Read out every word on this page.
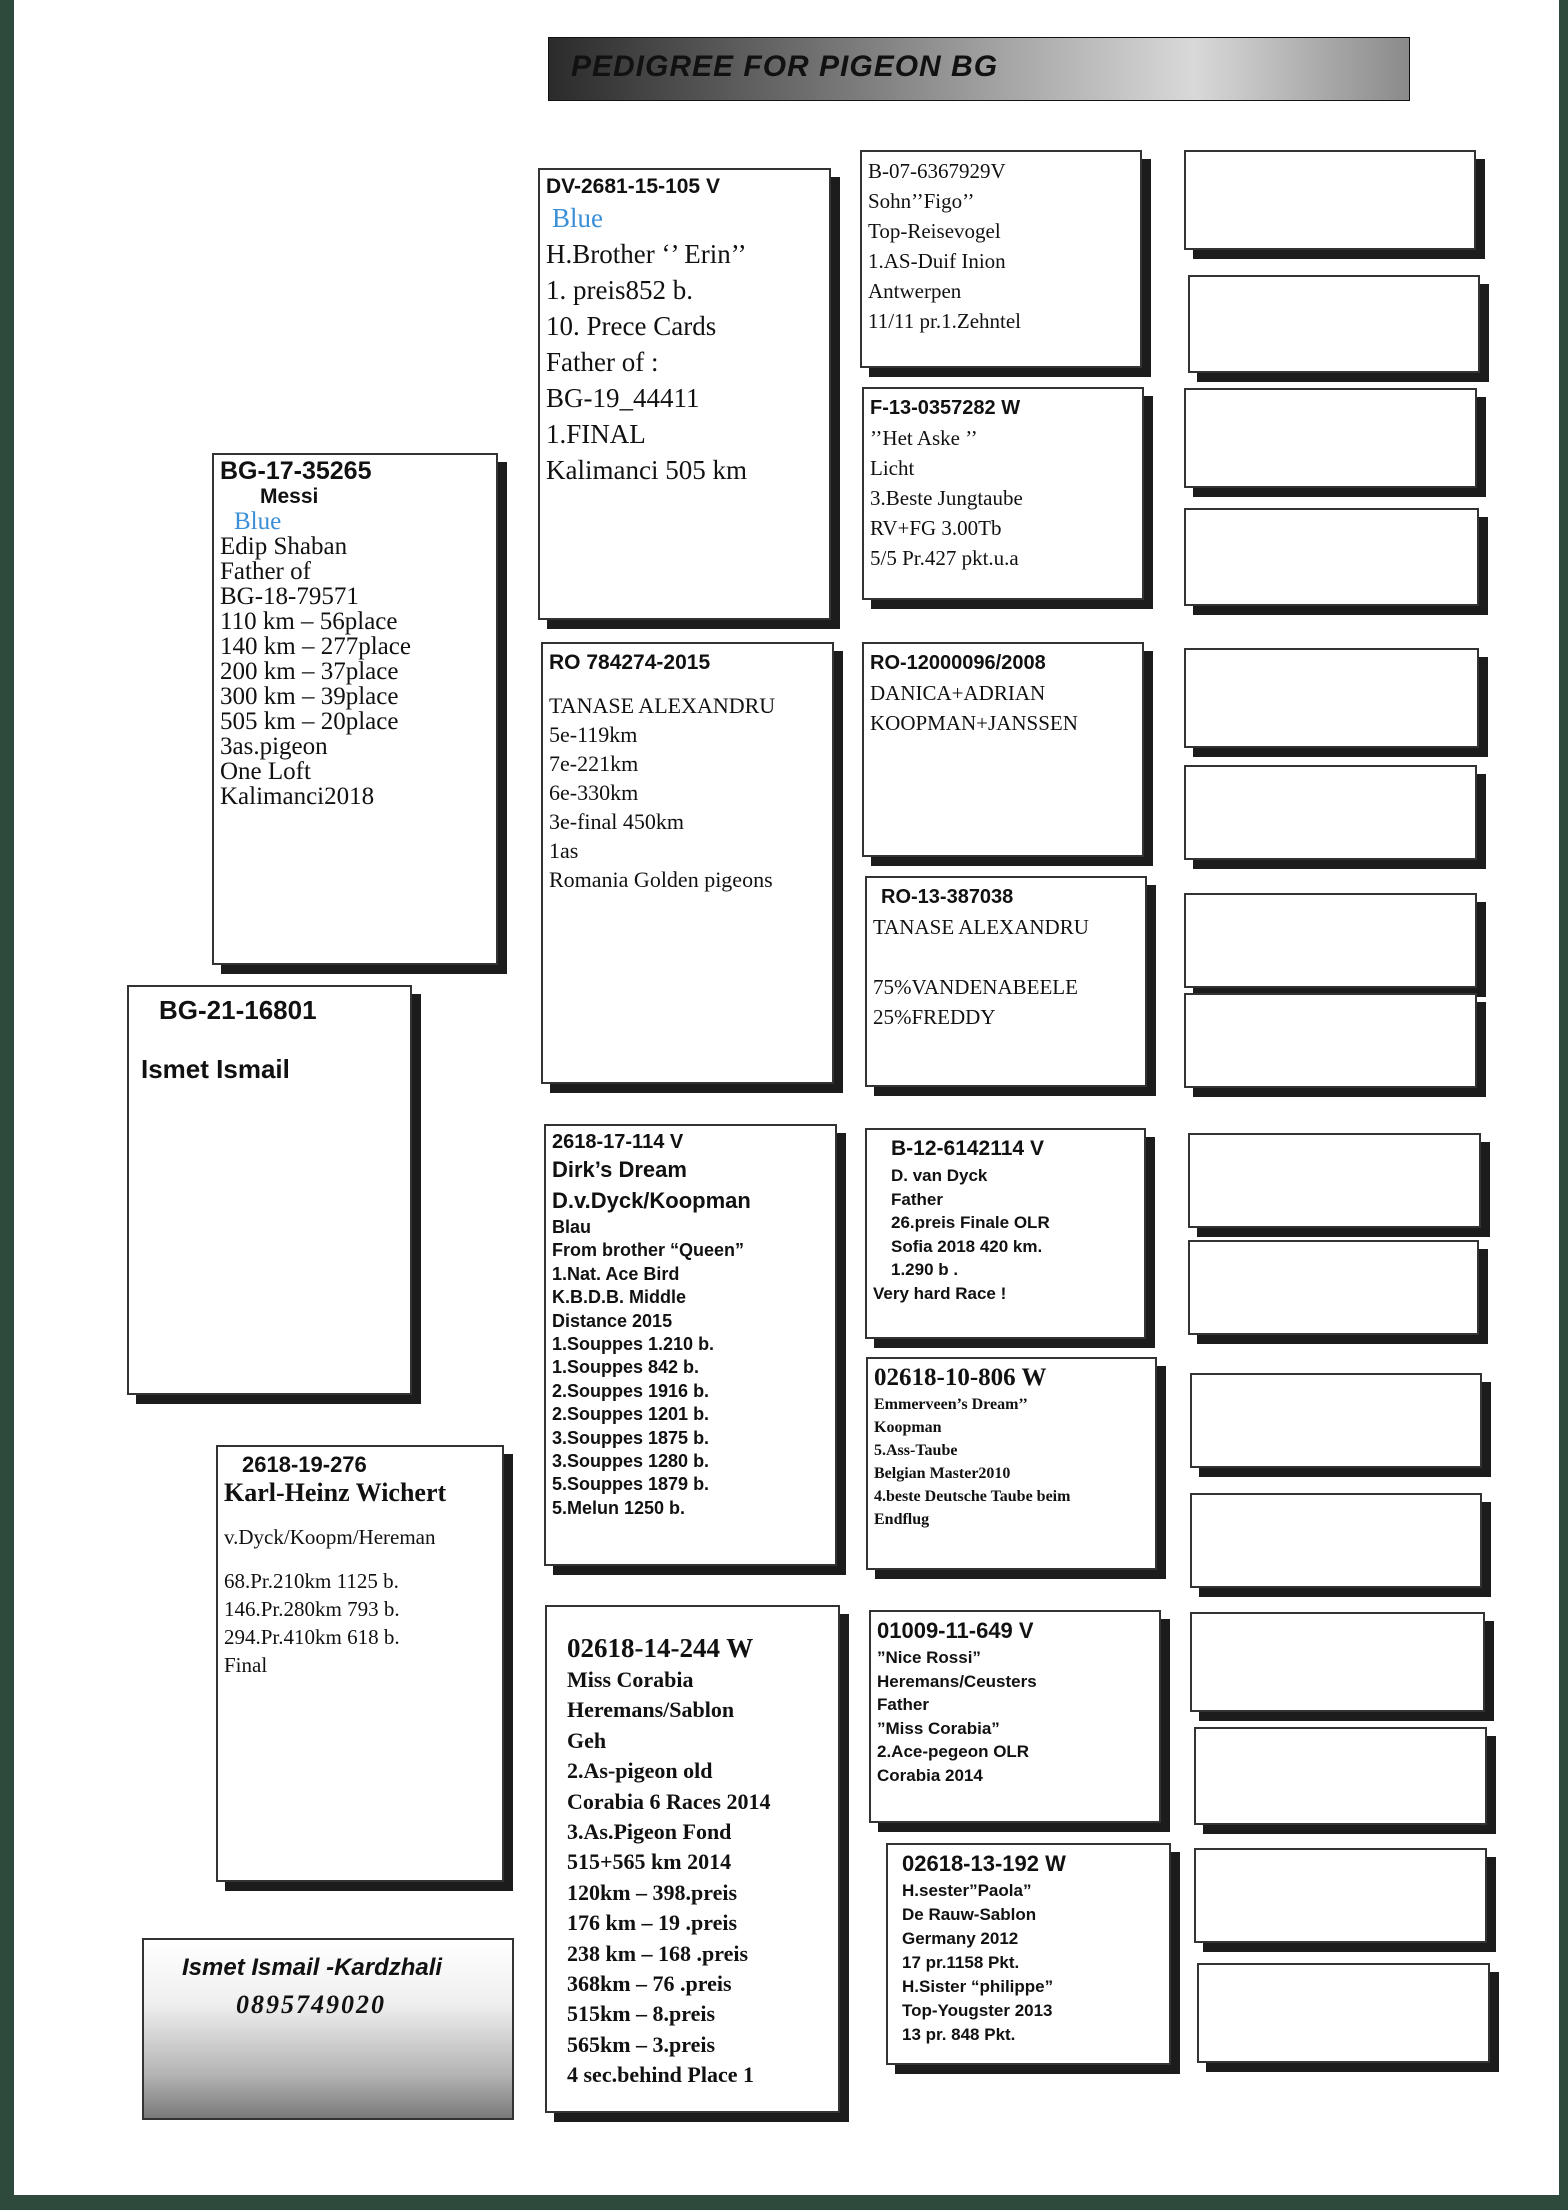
PEDIGREE FOR PIGEON BG
BG-21-16801
Ismet Ismail
BG-17-35265
Messi
Blue
Edip Shaban
Father of
BG-18-79571
110 km – 56place
140 km – 277place
200 km – 37place
300 km – 39place
505 km – 20place
3as.pigeon
One Loft
Kalimanci2018
2618-19-276
Karl-Heinz Wichert
v.Dyck/Koopm/Hereman
68.Pr.210km 1125 b.
146.Pr.280km 793 b.
294.Pr.410km 618 b.
Final
DV-2681-15-105 V
Blue
H.Brother ‘’ Erin’’
1. preis852 b.
10. Prece Cards
Father of :
BG-19_44411
1.FINAL
Kalimanci 505 km
RO 784274-2015
TANASE ALEXANDRU
5e-119km
7e-221km
6e-330km
3e-final 450km
1as
Romania Golden pigeons
2618-17-114 V
Dirk’s Dream
D.v.Dyck/Koopman
Blau
From brother “Queen”
1.Nat. Ace Bird
K.B.D.B. Middle
Distance 2015
1.Souppes 1.210 b.
1.Souppes 842 b.
2.Souppes 1916 b.
2.Souppes 1201 b.
3.Souppes 1875 b.
3.Souppes 1280 b.
5.Souppes 1879 b.
5.Melun 1250 b.
02618-14-244 W
Miss Corabia
Heremans/Sablon
Geh
2.As-pigeon old
Corabia 6 Races 2014
3.As.Pigeon Fond
515+565 km 2014
120km – 398.preis
176 km – 19 .preis
238 km – 168 .preis
368km – 76 .preis
515km – 8.preis
565km – 3.preis
4 sec.behind Place 1
B-07-6367929V
Sohn’’Figo’’
Top-Reisevogel
1.AS-Duif Inion
Antwerpen
11/11 pr.1.Zehntel
F-13-0357282 W
’’Het Aske ’’
Licht
3.Beste Jungtaube
RV+FG 3.00Tb
5/5 Pr.427 pkt.u.a
RO-12000096/2008
DANICA+ADRIAN
KOOPMAN+JANSSEN
RO-13-387038
TANASE ALEXANDRU
75%VANDENABEELE
25%FREDDY
B-12-6142114 V
D. van Dyck
Father
26.preis Finale OLR
Sofia 2018 420 km.
1.290 b .
Very hard Race !
02618-10-806 W
Emmerveen’s Dream’’
Koopman
5.Ass-Taube
Belgian Master2010
4.beste Deutsche Taube beim
Endflug
01009-11-649 V
”Nice Rossi”
Heremans/Ceusters
Father
”Miss Corabia”
2.Ace-pegeon OLR
Corabia 2014
02618-13-192 W
H.sester”Paola”
De Rauw-Sablon
Germany 2012
17 pr.1158 Pkt.
H.Sister “philippe”
Top-Yougster 2013
13 pr. 848 Pkt.
Ismet Ismail -Kardzhali
0895749020
